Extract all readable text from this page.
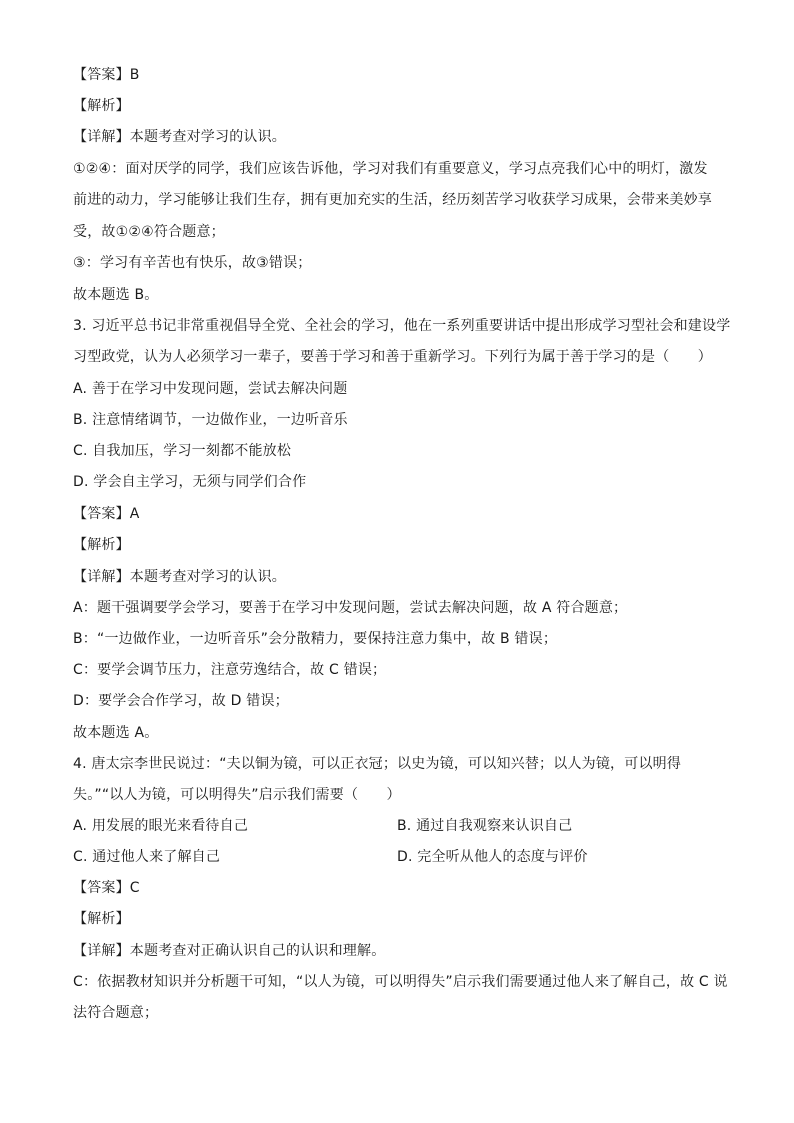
【答案】B
【解析】
【详解】本题考查对学习的认识。
①②④：面对厌学的同学，我们应该告诉他，学习对我们有重要意义，学习点亮我们心中的明灯，激发
前进的动力，学习能够让我们生存，拥有更加充实的生活，经历刻苦学习收获学习成果，会带来美妙享
受，故①②④符合题意；
③：学习有辛苦也有快乐，故③错误；
故本题选 B。
3. 习近平总书记非常重视倡导全党、全社会的学习，他在一系列重要讲话中提出形成学习型社会和建设学
习型政党，认为人必须学习一辈子，要善于学习和善于重新学习。下列行为属于善于学习的是（　　）
A. 善于在学习中发现问题，尝试去解决问题
B. 注意情绪调节，一边做作业，一边听音乐
C. 自我加压，学习一刻都不能放松
D. 学会自主学习，无须与同学们合作
【答案】A
【解析】
【详解】本题考查对学习的认识。
A：题干强调要学会学习，要善于在学习中发现问题，尝试去解决问题，故 A 符合题意；
B：“一边做作业，一边听音乐”会分散精力，要保持注意力集中，故 B 错误；
C：要学会调节压力，注意劳逸结合，故 C 错误；
D：要学会合作学习，故 D 错误；
故本题选 A。
4. 唐太宗李世民说过：“夫以铜为镜，可以正衣冠；以史为镜，可以知兴替；以人为镜，可以明得
失。”“以人为镜，可以明得失”启示我们需要（　　）
A. 用发展的眼光来看待自己	B. 通过自我观察来认识自己
C. 通过他人来了解自己	D. 完全听从他人的态度与评价
【答案】C
【解析】
【详解】本题考查对正确认识自己的认识和理解。
C：依据教材知识并分析题干可知，“以人为镜，可以明得失”启示我们需要通过他人来了解自己，故 C 说
法符合题意；
